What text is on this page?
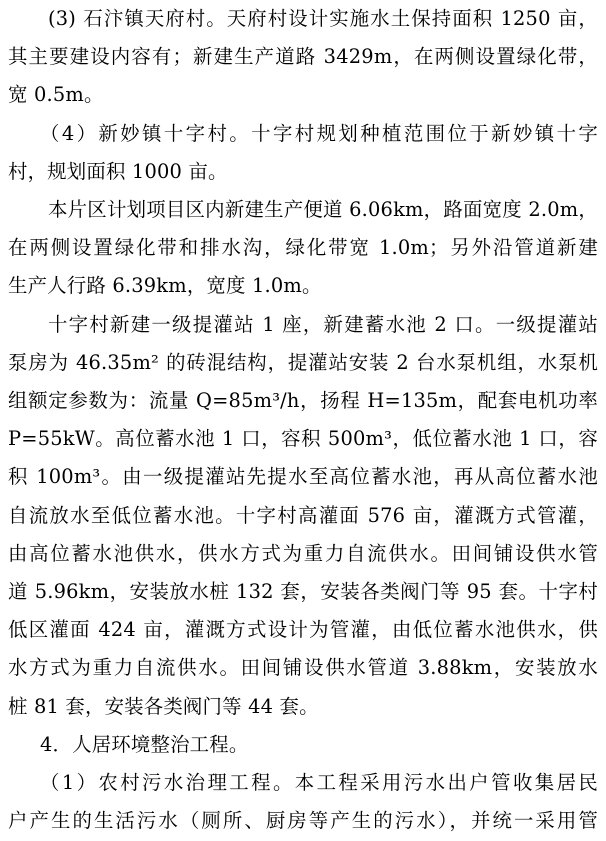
(3) 石汴镇天府村。天府村设计实施水土保持面积 1250 亩，
其主要建设内容有；新建生产道路 3429m，在两侧设置绿化带，
宽 0.5m。

（4）新妙镇十字村。十字村规划种植范围位于新妙镇十字
村，规划面积 1000 亩。

本片区计划项目区内新建生产便道 6.06km，路面宽度 2.0m，
在两侧设置绿化带和排水沟，绿化带宽 1.0m；另外沿管道新建
生产人行路 6.39km，宽度 1.0m。

十字村新建一级提灌站 1 座，新建蓄水池 2 口。一级提灌站
泵房为 46.35m² 的砖混结构，提灌站安装 2 台水泵机组，水泵机
组额定参数为：流量 Q=85m³/h，扬程 H=135m，配套电机功率
P=55kW。高位蓄水池 1 口，容积 500m³，低位蓄水池 1 口，容
积 100m³。由一级提灌站先提水至高位蓄水池，再从高位蓄水池
自流放水至低位蓄水池。十字村高灌面 576 亩，灌溉方式管灌，
由高位蓄水池供水，供水方式为重力自流供水。田间铺设供水管
道 5.96km，安装放水桩 132 套，安装各类阀门等 95 套。十字村
低区灌面 424 亩，灌溉方式设计为管灌，由低位蓄水池供水，供
水方式为重力自流供水。田间铺设供水管道 3.88km，安装放水
桩 81 套，安装各类阀门等 44 套。

4．人居环境整治工程。

（1）农村污水治理工程。本工程采用污水出户管收集居民
户产生的生活污水（厕所、厨房等产生的污水），并统一采用管
